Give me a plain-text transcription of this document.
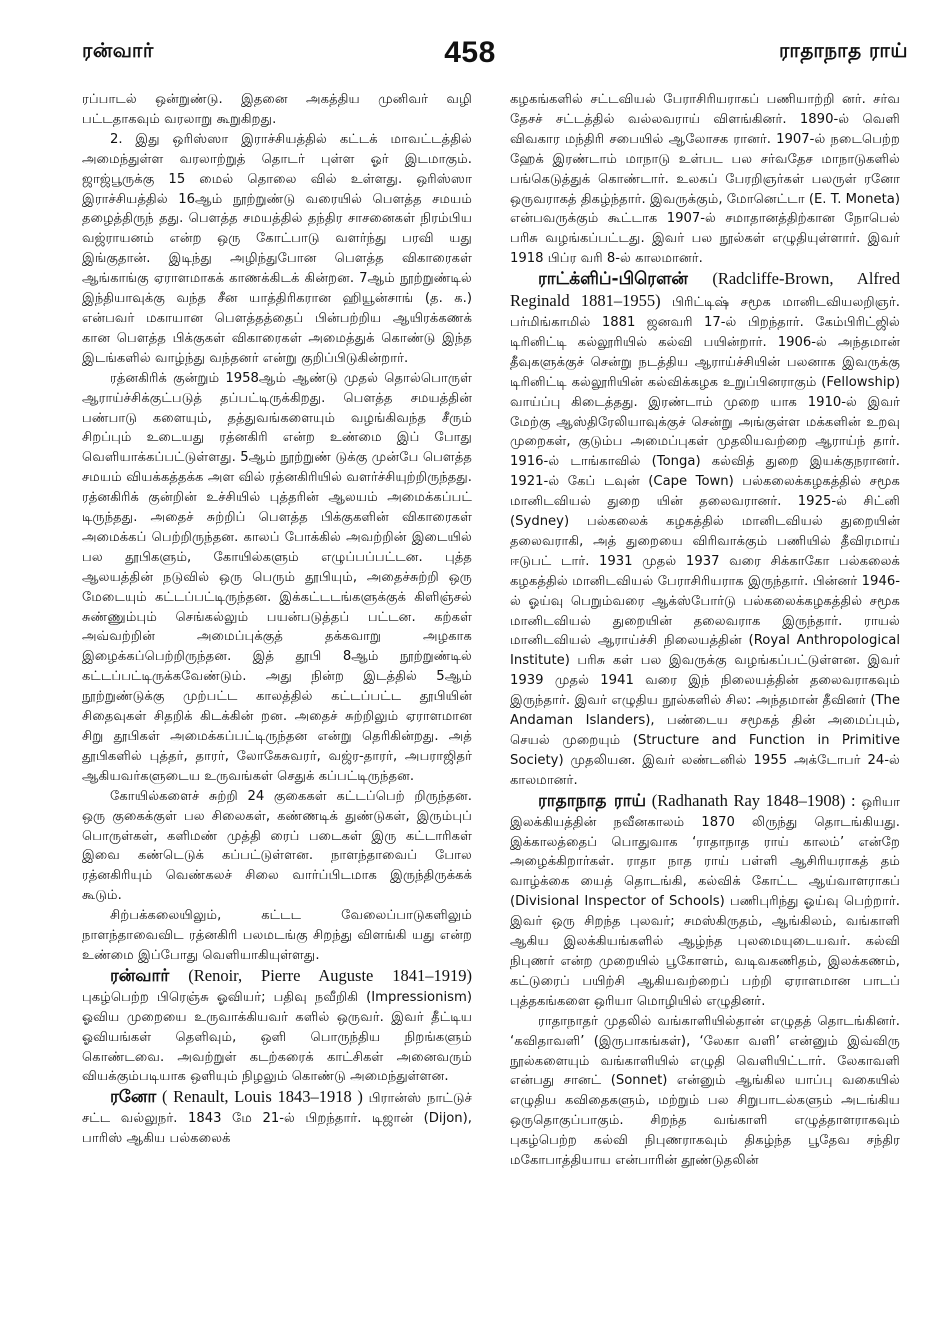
ரன்வார்	458	ராதாநாத ராய்

ரப்பாடல் ஒன்றுண்டு. இதனை அகத்திய முனிவர் வழி பட்டதாகவும் வரலாறு கூறுகிறது.

2. இது ஒரிஸ்ஸா இராச்சியத்தில் கட்டக் மாவட்டத்தில் அமைந்துள்ள வரலாற்றுத் தொடர் புள்ள ஓர் இடமாகும். ஜாஜ்பூருக்கு 15 மைல் தொலை வில் உள்ளது. ஒரிஸ்ஸா இராச்சியத்தில் 16ஆம் நூற்றுண்டு வரையில் பௌத்த சமயம் தழைத்திருந் தது. பௌத்த சமயத்தில் தந்திர சாசனைகள் நிரம்பிய வஜ்ராயனம் என்ற ஒரு கோட்பாடு வளர்ந்து பரவி யது இங்குதான். இடிந்து அழிந்துபோன பௌத்த விகாரைகள் ஆங்காங்கு ஏராளமாகக் காணக்கிடக் கின்றன. 7ஆம் நூற்றுண்டில் இந்தியாவுக்கு வந்த சீன யாத்திரிகரான ஹியூன்சாங் (த. க.) என்பவர் மகாயான பௌத்தத்தைப் பின்பற்றிய ஆயிரக்கணக் கான பௌத்த பிக்குகள் விகாரைகள் அமைத்துக் கொண்டு இந்த இடங்களில் வாழ்ந்து வந்தனர் என்று குறிப்பிடுகின்றார்.

ரத்னகிரிக் குன்றும் 1958ஆம் ஆண்டு முதல் தொல்பொருள் ஆராய்ச்சிக்குட்படுத் தப்பட்டிருக்கிறது. பௌத்த சமயத்தின் பண்பாடு களையும், தத்துவங்களையும் வழங்கிவந்த சீரும் சிறப்பும் உடையது ரத்னகிரி என்ற உண்மை இப் போது வெளியாக்கப்பட்டுள்ளது. 5ஆம் நூற்றுண் டுக்கு முன்பே பௌத்த சமயம் வியக்கத்தக்க அள வில் ரத்னகிரியில் வளர்ச்சியுற்றிருந்தது. ரத்னகிரிக் குன்றின் உச்சியில் புத்தரின் ஆலயம் அமைக்கப்பட் டிருந்தது. அதைச் சுற்றிப் பௌத்த பிக்குகளின் விகாரைகள் அமைக்கப் பெற்றிருந்தன. காலப் போக்கில் அவற்றின் இடையில் பல தூபிகளும், கோயில்களும் எழுப்பப்பட்டன. புத்த ஆலயத்தின் நடுவில் ஒரு பெரும் தூபியும், அதைச்சுற்றி ஒரு மேடையும் கட்டப்பட்டிருந்தன. இக்கட்டடங்களுக்குக் கிளிஞ்சல் சுண்ணும்பும் செங்கல்லும் பயன்படுத்தப் பட்டன. கற்கள் அவ்வற்றின் அமைப்புக்குத் தக்கவாறு அழகாக இழைக்கப்பெற்றிருந்தன. இத் தூபி 8ஆம் நூற்றுண்டில் கட்டப்பட்டிருக்கவேண்டும். அது நின்ற இடத்தில் 5ஆம் நூற்றுண்டுக்கு முற்பட்ட காலத்தில் கட்டப்பட்ட தூபியின் சிதைவுகள் சிதறிக் கிடக்கின் றன. அதைச் சுற்றிலும் ஏராளமான சிறு தூபிகள் அமைக்கப்பட்டிருந்தன என்று தெரிகின்றது. அத் தூபிகளில் புத்தர், தாரர், லோகேசுவரர், வஜ்ர-தாரர், அபராஜிதர் ஆகியவர்களுடைய உருவங்கள் செதுக் கப்பட்டிருந்தன.

கோயில்களைச் சுற்றி 24 குகைகள் கட்டப்பெற் றிருந்தன. ஒரு குகைக்குள் பல சிலைகள், கண்ணடிக் துண்டுகள், இரும்புப் பொருள்கள், களிமண் முத்தி ரைப் படைகள் இரு கட்டாரிகள் இவை கண்டெடுக் கப்பட்டுள்ளன. நாளந்தாவைப் போல ரத்னகிரியும் வெண்கலச் சிலை வார்ப்பிடமாக இருந்திருக்கக் கூடும்.

சிற்பக்கலையிலும், கட்டட வேலைப்பாடுகளிலும் நாளந்தாவைவிட ரத்னகிரி பலமடங்கு சிறந்து விளங்கி யது என்ற உண்மை இப்போது வெளியாகியுள்ளது.

ரன்வார் (Renoir, Pierre Auguste 1841–1919) புகழ்பெற்ற பிரெஞ்சு ஓவியர்; பதிவு நவீறிகி (Impressionism) ஓவிய முறையை உருவாக்கியவர் களில் ஒருவர். இவர் தீட்டிய ஓவியங்கள் தெளிவும், ஒளி பொருந்திய நிறங்களும் கொண்டவை. அவற்றுள் கடற்கரைக் காட்சிகள் அனைவரும் வியக்கும்படியாக ஒளியும் நிழலும் கொண்டு அமைந்துள்ளன.

ரனோ ( Renault, Louis 1843–1918 ) பிரான்ஸ் நாட்டுச் சட்ட வல்லுநர். 1843 மே 21-ல் பிறந்தார். டிஜான் (Dijon), பாரிஸ் ஆகிய பல்கலைக்

கழகங்களில் சட்டவியல் பேராசிரியராகப் பணியாற்றி னர். சர்வ தேசச் சட்டத்தில் வல்லவராய் விளங்கினர். 1890-ல் வெளி விவகார மந்திரி சபையில் ஆலோசக ரானர். 1907-ல் நடைபெற்ற ஹேக் இரண்டாம் மாநாடு உள்பட பல சர்வதேச மாநாடுகளில் பங்கெடுத்துக் கொண்டார். உலகப் பேரறிஞர்கள் பலருள் ரனோ ஒருவராகத் திகழ்ந்தார். இவருக்கும், மோனெட்டா (E. T. Moneta) என்பவருக்கும் கூட்டாக 1907-ல் சமாதானத்திற்கான நோபெல் பரிசு வழங்கப்பட்டது. இவர் பல நூல்கள் எழுதியுள்ளார். இவர் 1918 பிப்ர வரி 8-ல் காலமானர்.

ராட்க்ளிப்-பிரௌன் (Radcliffe-Brown, Alfred Reginald 1881–1955) பிரிட்டிஷ் சமூக மானிடவியலறிஞர். பர்மிங்காமில் 1881 ஜனவரி 17-ல் பிறந்தார். கேம்பிரிட்ஜில் டிரினிட்டி கல்லூரியில் கல்வி பயின்றார். 1906-ல் அந்தமான் தீவுகளுக்குச் சென்று நடத்திய ஆராய்ச்சியின் பலனாக இவருக்கு டிரினிட்டி கல்லூரியின் கல்விக்கழக உறுப்பினராகும் (Fellowship) வாய்ப்பு கிடைத்தது. இரண்டாம் முறை யாக 1910-ல் இவர் மேற்கு ஆஸ்திரேலியாவுக்குச் சென்று அங்குள்ள மக்களின் உறவு முறைகள், குடும்ப அமைப்புகள் முதலியவற்றை ஆராய்ந் தார். 1916-ல் டாங்காவில் (Tonga) கல்வித் துறை இயக்குநரானர். 1921-ல் கேப் டவுன் (Cape Town) பல்கலைக்கழகத்தில் சமூக மானிடவியல் துறை யின் தலைவரானர். 1925-ல் சிட்னி (Sydney) பல்கலைக் கழகத்தில் மானிடவியல் துறையின் தலைவராகி, அத் துறையை விரிவாக்கும் பணியில் தீவிரமாய் ஈடுபட் டார். 1931 முதல் 1937 வரை சிக்காகோ பல்கலைக் கழகத்தில் மானிடவியல் பேராசிரியராக இருந்தார். பின்னர் 1946-ல் ஓய்வு பெறும்வரை ஆக்ஸ்போர்டு பல்கலைக்கழகத்தில் சமூக மானிடவியல் துறையின் தலைவராக இருந்தார். ராயல் மானிடவியல் ஆராய்ச்சி நிலையத்தின் (Royal Anthropological Institute) பரிசு கள் பல இவருக்கு வழங்கப்பட்டுள்ளன. இவர் 1939 முதல் 1941 வரை இந் நிலையத்தின் தலைவராகவும் இருந்தார். இவர் எழுதிய நூல்களில் சில: அந்தமான் தீவினர் (The Andaman Islanders), பண்டைய சமூகத் தின் அமைப்பும், செயல் முறையும் (Structure and Function in Primitive Society) முதலியன. இவர் லண்டனில் 1955 அக்டோபர் 24-ல் காலமானர்.

ராதாநாத ராய் (Radhanath Ray 1848–1908) : ஒரியா இலக்கியத்தின் நவீனகாலம் 1870 லிருந்து தொடங்கியது. இக்காலத்தைப் பொதுவாக ‘ராதாநாத ராய் காலம்’ என்றே அழைக்கிறார்கள். ராதா நாத ராய் பள்ளி ஆசிரியராகத் தம் வாழ்க்கை யைத் தொடங்கி, கல்விக் கோட்ட ஆய்வாளராகப் (Divisional Inspector of Schools) பணிபுரிந்து ஓய்வு பெற்றார். இவர் ஒரு சிறந்த புலவர்; சமஸ்கிருதம், ஆங்கிலம், வங்காளி ஆகிய இலக்கியங்களில் ஆழ்ந்த புலமையுடையவர். கல்வி நிபுணர் என்ற முறையில் பூகோளம், வடிவகணிதம், இலக்கணம், கட்டுரைப் பயிற்சி ஆகியவற்றைப் பற்றி ஏராளமான பாடப் புத்தகங்களை ஒரியா மொழியில் எழுதினர்.

ராதாநாதர் முதலில் வங்காளியில்தான் எழுதத் தொடங்கினர். ‘கவிதாவளி’ (இருபாகங்கள்), ‘லேகா வளி’ என்னும் இவ்விரு நூல்களையும் வங்காளியில் எழுதி வெளியிட்டார். லேகாவளி என்பது சானட் (Sonnet) என்னும் ஆங்கில யாப்பு வகையில் எழுதிய கவிதைகளும், மற்றும் பல சிறுபாடல்களும் அடங்கிய ஒருதொகுப்பாகும். சிறந்த வங்காளி எழுத்தாளராகவும் புகழ்பெற்ற கல்வி நிபுணராகவும் திகழ்ந்த பூதேவ சந்திர மகோபாத்தியாய என்பாரின் தூண்டுதலின்
